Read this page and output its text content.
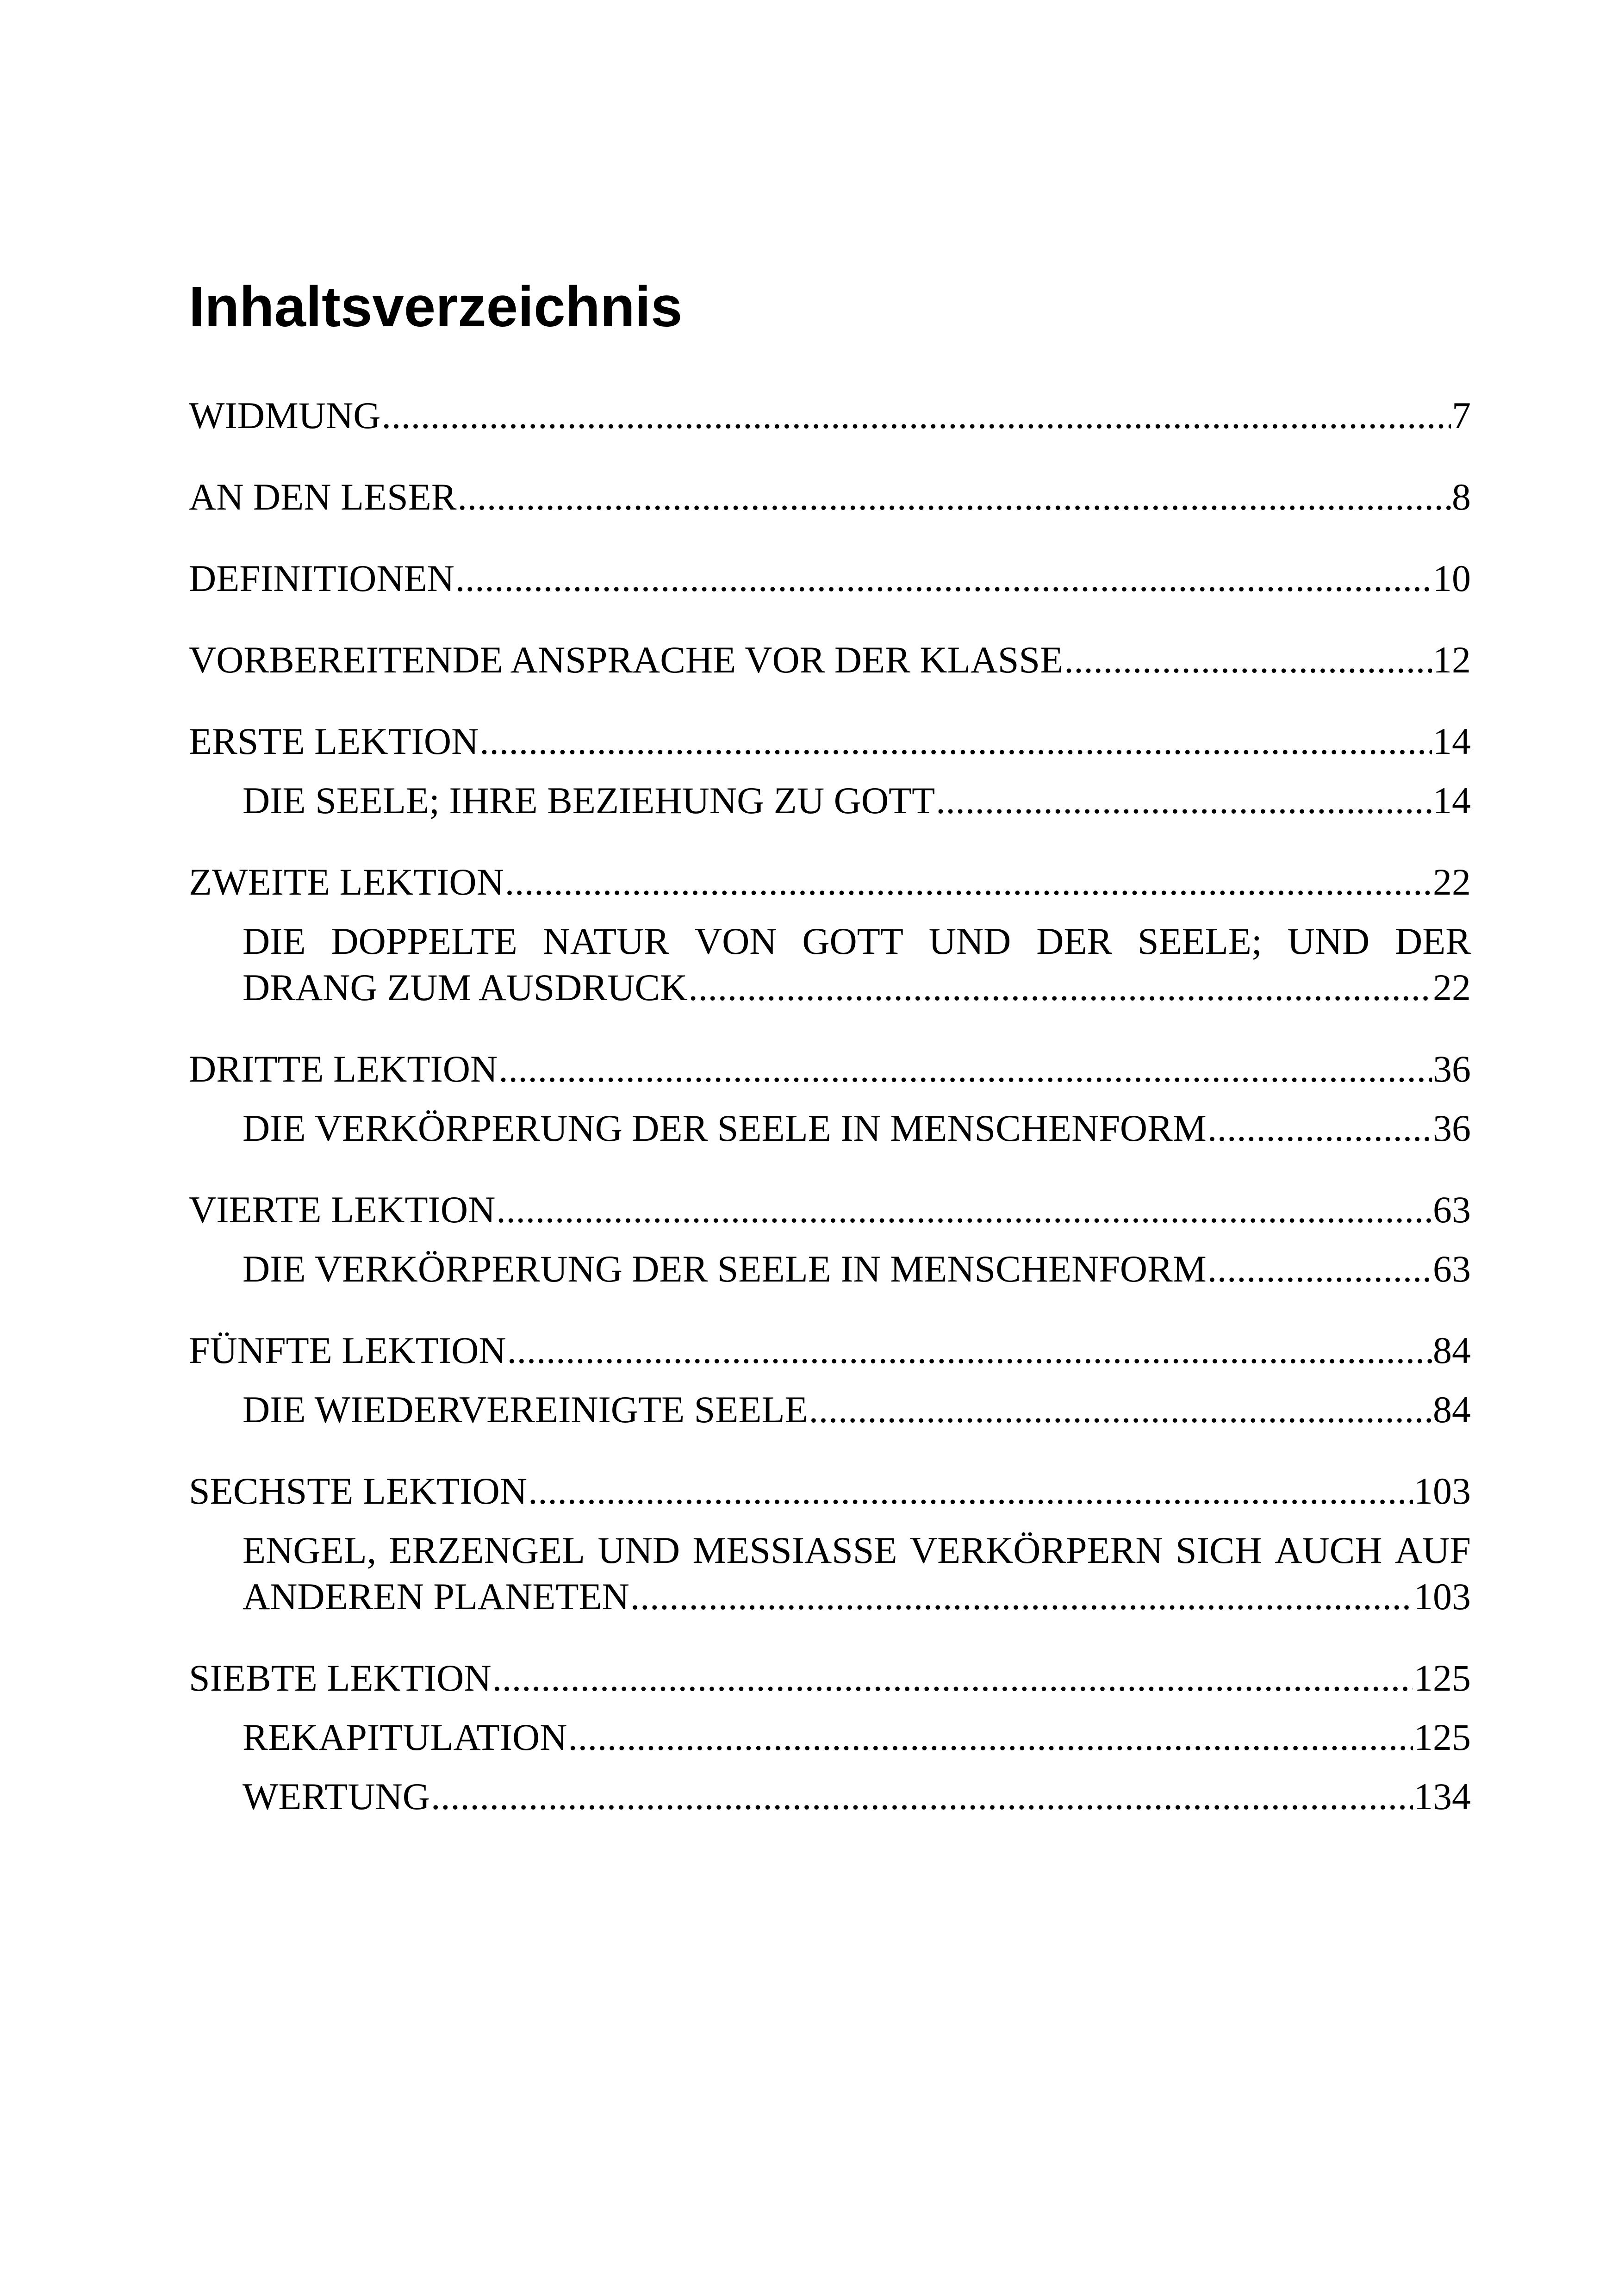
Inhaltsverzeichnis
WIDMUNG .....	7
AN DEN LESER .....	8
DEFINITIONEN .....	10
VORBEREITENDE ANSPRACHE VOR DER KLASSE .....	12
ERSTE LEKTION .....	14
DIE SEELE; IHRE BEZIEHUNG ZU GOTT .....	14
ZWEITE LEKTION .....	22
DIE DOPPELTE NATUR VON GOTT UND DER SEELE; UND DER
DRANG ZUM AUSDRUCK .....	22
DRITTE LEKTION .....	36
DIE VERKÖRPERUNG DER SEELE IN MENSCHENFORM .....	36
VIERTE LEKTION .....	63
DIE VERKÖRPERUNG DER SEELE IN MENSCHENFORM .....	63
FÜNFTE LEKTION .....	84
DIE WIEDERVEREINIGTE SEELE .....	84
SECHSTE LEKTION .....	103
ENGEL, ERZENGEL UND MESSIASSE VERKÖRPERN SICH AUCH AUF
ANDEREN PLANETEN .....	103
SIEBTE LEKTION .....	125
REKAPITULATION .....	125
WERTUNG .....	134
